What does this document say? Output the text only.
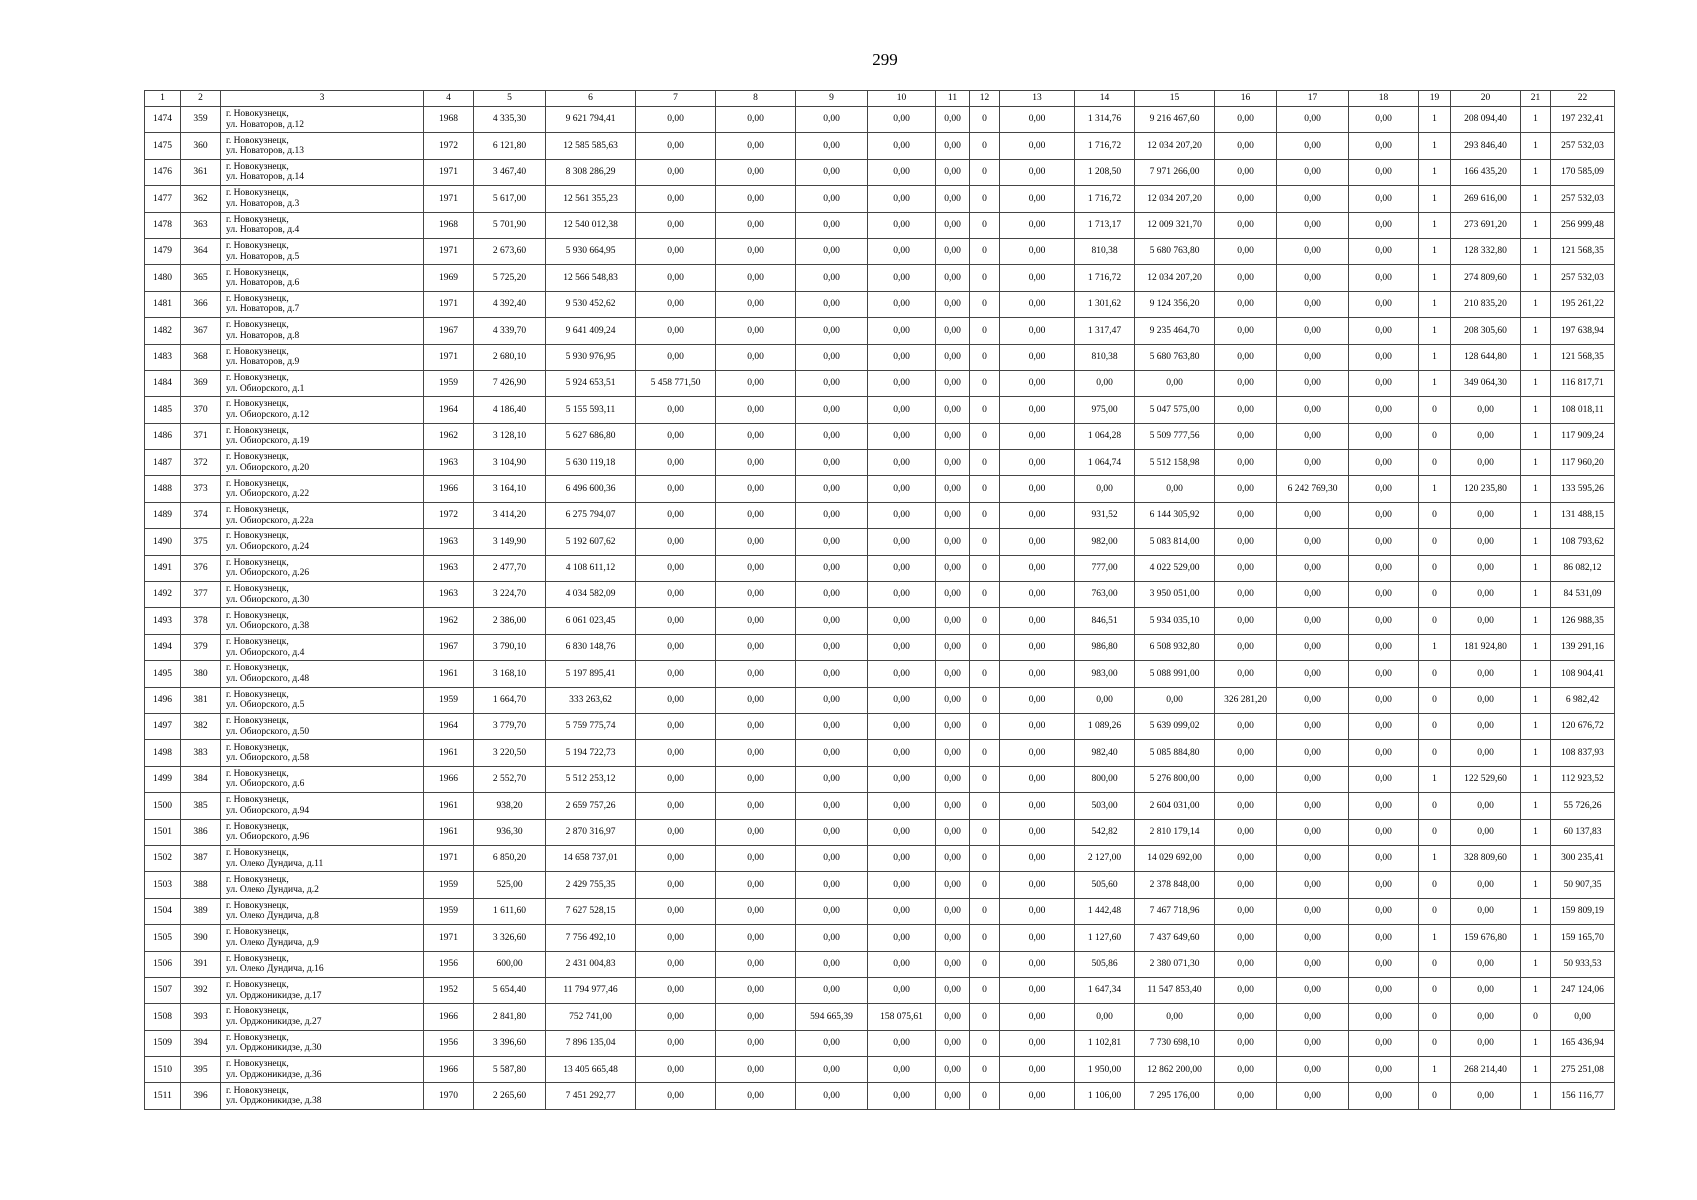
299
1	2	3	4	5	6	7	8	9	10	11	12	13	14	15	16	17	18	19	20	21	22
1474	359	г. Новокузнецк,
ул. Новаторов, д.12	1968	4 335,30	9 621 794,41	0,00	0,00	0,00	0,00	0,00	0	0,00	1 314,76	9 216 467,60	0,00	0,00	0,00	1	208 094,40	1	197 232,41
1475	360	г. Новокузнецк,
ул. Новаторов, д.13	1972	6 121,80	12 585 585,63	0,00	0,00	0,00	0,00	0,00	0	0,00	1 716,72	12 034 207,20	0,00	0,00	0,00	1	293 846,40	1	257 532,03
1476	361	г. Новокузнецк,
ул. Новаторов, д.14	1971	3 467,40	8 308 286,29	0,00	0,00	0,00	0,00	0,00	0	0,00	1 208,50	7 971 266,00	0,00	0,00	0,00	1	166 435,20	1	170 585,09
1477	362	г. Новокузнецк,
ул. Новаторов, д.3	1971	5 617,00	12 561 355,23	0,00	0,00	0,00	0,00	0,00	0	0,00	1 716,72	12 034 207,20	0,00	0,00	0,00	1	269 616,00	1	257 532,03
1478	363	г. Новокузнецк,
ул. Новаторов, д.4	1968	5 701,90	12 540 012,38	0,00	0,00	0,00	0,00	0,00	0	0,00	1 713,17	12 009 321,70	0,00	0,00	0,00	1	273 691,20	1	256 999,48
1479	364	г. Новокузнецк,
ул. Новаторов, д.5	1971	2 673,60	5 930 664,95	0,00	0,00	0,00	0,00	0,00	0	0,00	810,38	5 680 763,80	0,00	0,00	0,00	1	128 332,80	1	121 568,35
1480	365	г. Новокузнецк,
ул. Новаторов, д.6	1969	5 725,20	12 566 548,83	0,00	0,00	0,00	0,00	0,00	0	0,00	1 716,72	12 034 207,20	0,00	0,00	0,00	1	274 809,60	1	257 532,03
1481	366	г. Новокузнецк,
ул. Новаторов, д.7	1971	4 392,40	9 530 452,62	0,00	0,00	0,00	0,00	0,00	0	0,00	1 301,62	9 124 356,20	0,00	0,00	0,00	1	210 835,20	1	195 261,22
1482	367	г. Новокузнецк,
ул. Новаторов, д.8	1967	4 339,70	9 641 409,24	0,00	0,00	0,00	0,00	0,00	0	0,00	1 317,47	9 235 464,70	0,00	0,00	0,00	1	208 305,60	1	197 638,94
1483	368	г. Новокузнецк,
ул. Новаторов, д.9	1971	2 680,10	5 930 976,95	0,00	0,00	0,00	0,00	0,00	0	0,00	810,38	5 680 763,80	0,00	0,00	0,00	1	128 644,80	1	121 568,35
1484	369	г. Новокузнецк,
ул. Обиорского, д.1	1959	7 426,90	5 924 653,51	5 458 771,50	0,00	0,00	0,00	0,00	0	0,00	0,00	0,00	0,00	0,00	0,00	1	349 064,30	1	116 817,71
1485	370	г. Новокузнецк,
ул. Обиорского, д.12	1964	4 186,40	5 155 593,11	0,00	0,00	0,00	0,00	0,00	0	0,00	975,00	5 047 575,00	0,00	0,00	0,00	0	0,00	1	108 018,11
1486	371	г. Новокузнецк,
ул. Обиорского, д.19	1962	3 128,10	5 627 686,80	0,00	0,00	0,00	0,00	0,00	0	0,00	1 064,28	5 509 777,56	0,00	0,00	0,00	0	0,00	1	117 909,24
1487	372	г. Новокузнецк,
ул. Обиорского, д.20	1963	3 104,90	5 630 119,18	0,00	0,00	0,00	0,00	0,00	0	0,00	1 064,74	5 512 158,98	0,00	0,00	0,00	0	0,00	1	117 960,20
1488	373	г. Новокузнецк,
ул. Обиорского, д.22	1966	3 164,10	6 496 600,36	0,00	0,00	0,00	0,00	0,00	0	0,00	0,00	0,00	0,00	6 242 769,30	0,00	1	120 235,80	1	133 595,26
1489	374	г. Новокузнецк,
ул. Обиорского, д.22а	1972	3 414,20	6 275 794,07	0,00	0,00	0,00	0,00	0,00	0	0,00	931,52	6 144 305,92	0,00	0,00	0,00	0	0,00	1	131 488,15
1490	375	г. Новокузнецк,
ул. Обиорского, д.24	1963	3 149,90	5 192 607,62	0,00	0,00	0,00	0,00	0,00	0	0,00	982,00	5 083 814,00	0,00	0,00	0,00	0	0,00	1	108 793,62
1491	376	г. Новокузнецк,
ул. Обиорского, д.26	1963	2 477,70	4 108 611,12	0,00	0,00	0,00	0,00	0,00	0	0,00	777,00	4 022 529,00	0,00	0,00	0,00	0	0,00	1	86 082,12
1492	377	г. Новокузнецк,
ул. Обиорского, д.30	1963	3 224,70	4 034 582,09	0,00	0,00	0,00	0,00	0,00	0	0,00	763,00	3 950 051,00	0,00	0,00	0,00	0	0,00	1	84 531,09
1493	378	г. Новокузнецк,
ул. Обиорского, д.38	1962	2 386,00	6 061 023,45	0,00	0,00	0,00	0,00	0,00	0	0,00	846,51	5 934 035,10	0,00	0,00	0,00	0	0,00	1	126 988,35
1494	379	г. Новокузнецк,
ул. Обиорского, д.4	1967	3 790,10	6 830 148,76	0,00	0,00	0,00	0,00	0,00	0	0,00	986,80	6 508 932,80	0,00	0,00	0,00	1	181 924,80	1	139 291,16
1495	380	г. Новокузнецк,
ул. Обиорского, д.48	1961	3 168,10	5 197 895,41	0,00	0,00	0,00	0,00	0,00	0	0,00	983,00	5 088 991,00	0,00	0,00	0,00	0	0,00	1	108 904,41
1496	381	г. Новокузнецк,
ул. Обиорского, д.5	1959	1 664,70	333 263,62	0,00	0,00	0,00	0,00	0,00	0	0,00	0,00	0,00	326 281,20	0,00	0,00	0	0,00	1	6 982,42
1497	382	г. Новокузнецк,
ул. Обиорского, д.50	1964	3 779,70	5 759 775,74	0,00	0,00	0,00	0,00	0,00	0	0,00	1 089,26	5 639 099,02	0,00	0,00	0,00	0	0,00	1	120 676,72
1498	383	г. Новокузнецк,
ул. Обиорского, д.58	1961	3 220,50	5 194 722,73	0,00	0,00	0,00	0,00	0,00	0	0,00	982,40	5 085 884,80	0,00	0,00	0,00	0	0,00	1	108 837,93
1499	384	г. Новокузнецк,
ул. Обиорского, д.6	1966	2 552,70	5 512 253,12	0,00	0,00	0,00	0,00	0,00	0	0,00	800,00	5 276 800,00	0,00	0,00	0,00	1	122 529,60	1	112 923,52
1500	385	г. Новокузнецк,
ул. Обиорского, д.94	1961	938,20	2 659 757,26	0,00	0,00	0,00	0,00	0,00	0	0,00	503,00	2 604 031,00	0,00	0,00	0,00	0	0,00	1	55 726,26
1501	386	г. Новокузнецк,
ул. Обиорского, д.96	1961	936,30	2 870 316,97	0,00	0,00	0,00	0,00	0,00	0	0,00	542,82	2 810 179,14	0,00	0,00	0,00	0	0,00	1	60 137,83
1502	387	г. Новокузнецк,
ул. Олеко Дундича, д.11	1971	6 850,20	14 658 737,01	0,00	0,00	0,00	0,00	0,00	0	0,00	2 127,00	14 029 692,00	0,00	0,00	0,00	1	328 809,60	1	300 235,41
1503	388	г. Новокузнецк,
ул. Олеко Дундича, д.2	1959	525,00	2 429 755,35	0,00	0,00	0,00	0,00	0,00	0	0,00	505,60	2 378 848,00	0,00	0,00	0,00	0	0,00	1	50 907,35
1504	389	г. Новокузнецк,
ул. Олеко Дундича, д.8	1959	1 611,60	7 627 528,15	0,00	0,00	0,00	0,00	0,00	0	0,00	1 442,48	7 467 718,96	0,00	0,00	0,00	0	0,00	1	159 809,19
1505	390	г. Новокузнецк,
ул. Олеко Дундича, д.9	1971	3 326,60	7 756 492,10	0,00	0,00	0,00	0,00	0,00	0	0,00	1 127,60	7 437 649,60	0,00	0,00	0,00	1	159 676,80	1	159 165,70
1506	391	г. Новокузнецк,
ул. Олеко Дундича, д.16	1956	600,00	2 431 004,83	0,00	0,00	0,00	0,00	0,00	0	0,00	505,86	2 380 071,30	0,00	0,00	0,00	0	0,00	1	50 933,53
1507	392	г. Новокузнецк,
ул. Орджоникидзе, д.17	1952	5 654,40	11 794 977,46	0,00	0,00	0,00	0,00	0,00	0	0,00	1 647,34	11 547 853,40	0,00	0,00	0,00	0	0,00	1	247 124,06
1508	393	г. Новокузнецк,
ул. Орджоникидзе, д.27	1966	2 841,80	752 741,00	0,00	0,00	594 665,39	158 075,61	0,00	0	0,00	0,00	0,00	0,00	0,00	0,00	0	0,00	0	0,00
1509	394	г. Новокузнецк,
ул. Орджоникидзе, д.30	1956	3 396,60	7 896 135,04	0,00	0,00	0,00	0,00	0,00	0	0,00	1 102,81	7 730 698,10	0,00	0,00	0,00	0	0,00	1	165 436,94
1510	395	г. Новокузнецк,
ул. Орджоникидзе, д.36	1966	5 587,80	13 405 665,48	0,00	0,00	0,00	0,00	0,00	0	0,00	1 950,00	12 862 200,00	0,00	0,00	0,00	1	268 214,40	1	275 251,08
1511	396	г. Новокузнецк,
ул. Орджоникидзе, д.38	1970	2 265,60	7 451 292,77	0,00	0,00	0,00	0,00	0,00	0	0,00	1 106,00	7 295 176,00	0,00	0,00	0,00	0	0,00	1	156 116,77
